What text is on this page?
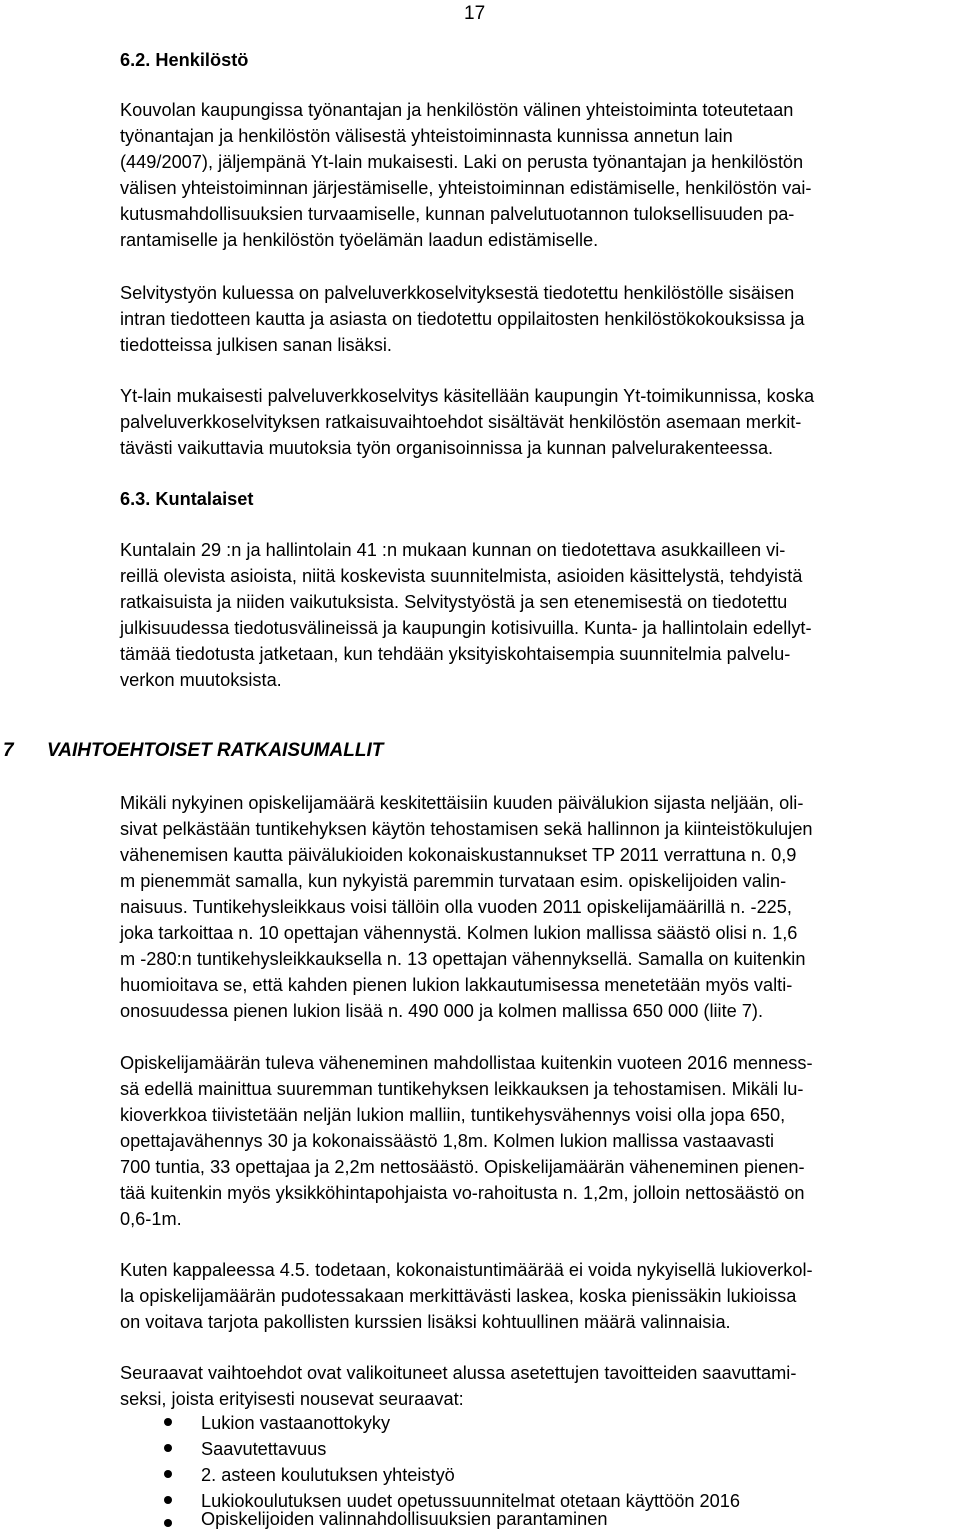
17
6.2. Henkilöstö
Kouvolan kaupungissa työnantajan ja henkilöstön välinen yhteistoiminta toteutetaan
työnantajan ja henkilöstön välisestä yhteistoiminnasta kunnissa annetun lain
(449/2007), jäljempänä Yt-lain mukaisesti. Laki on perusta työnantajan ja henkilöstön
välisen yhteistoiminnan järjestämiselle, yhteistoiminnan edistämiselle, henkilöstön vai-
kutusmahdollisuuksien turvaamiselle, kunnan palvelutuotannon tuloksellisuuden pa-
rantamiselle ja henkilöstön työelämän laadun edistämiselle.
Selvitystyön kuluessa on palveluverkkoselvityksestä tiedotettu henkilöstölle sisäisen
intran tiedotteen kautta ja asiasta on tiedotettu oppilaitosten henkilöstökokouksissa ja
tiedotteissa julkisen sanan lisäksi.
Yt-lain mukaisesti palveluverkkoselvitys käsitellään kaupungin Yt-toimikunnissa, koska
palveluverkkoselvityksen ratkaisuvaihtoehdot sisältävät henkilöstön asemaan merkit-
tävästi vaikuttavia muutoksia työn organisoinnissa ja kunnan palvelurakenteessa.
6.3. Kuntalaiset
Kuntalain 29 :n ja hallintolain 41 :n mukaan kunnan on tiedotettava asukkailleen vi-
reillä olevista asioista, niitä koskevista suunnitelmista, asioiden käsittelystä, tehdyistä
ratkaisuista ja niiden vaikutuksista. Selvitystyöstä ja sen etenemisestä on tiedotettu
julkisuudessa tiedotusvälineissä ja kaupungin kotisivuilla. Kunta- ja hallintolain edellyt-
tämää tiedotusta jatketaan, kun tehdään yksityiskohtaisempia suunnitelmia palvelu-
verkon muutoksista.
7 VAIHTOEHTOISET RATKAISUMALLIT
Mikäli nykyinen opiskelijamäärä keskitettäisiin kuuden päivälukion sijasta neljään, oli-
sivat pelkästään tuntikehyksen käytön tehostamisen sekä hallinnon ja kiinteistökulujen
vähenemisen kautta päivälukioiden kokonaiskustannukset TP 2011 verrattuna n. 0,9
m pienemmät samalla, kun nykyistä paremmin turvataan esim. opiskelijoiden valin-
naisuus. Tuntikehysleikkaus voisi tällöin olla vuoden 2011 opiskelijamäärillä n. -225,
joka tarkoittaa n. 10 opettajan vähennystä. Kolmen lukion mallissa säästö olisi n. 1,6
m -280:n tuntikehysleikkauksella n. 13 opettajan vähennyksellä. Samalla on kuitenkin
huomioitava se, että kahden pienen lukion lakkautumisessa menetetään myös valti-
onosuudessa pienen lukion lisää n. 490 000 ja kolmen mallissa 650 000 (liite 7).
Opiskelijamäärän tuleva väheneminen mahdollistaa kuitenkin vuoteen 2016 menness-
sä edellä mainittua suuremman tuntikehyksen leikkauksen ja tehostamisen. Mikäli lu-
kioverkkoa tiivistetään neljän lukion malliin, tuntikehysvähennys voisi olla jopa 650,
opettajavähennys 30 ja kokonaissäästö 1,8m. Kolmen lukion mallissa vastaavasti
700 tuntia, 33 opettajaa ja 2,2m nettosäästö. Opiskelijamäärän väheneminen pienen-
tää kuitenkin myös yksikköhintapohjaista vo-rahoitusta n. 1,2m, jolloin nettosäästö on
0,6-1m.
Kuten kappaleessa 4.5. todetaan, kokonaistuntimäärää ei voida nykyisellä lukioverkol-
la opiskelijamäärän pudotessakaan merkittävästi laskea, koska pienissäkin lukioissa
on voitava tarjota pakollisten kurssien lisäksi kohtuullinen määrä valinnaisia.
Seuraavat vaihtoehdot ovat valikoituneet alussa asetettujen tavoitteiden saavuttami-
seksi, joista erityisesti nousevat seuraavat:
Lukion vastaanottokyky
Saavutettavuus
2. asteen koulutuksen yhteistyö
Lukiokoulutuksen uudet opetussuunnitelmat otetaan käyttöön 2016
Opiskelijoiden valinnahdollisuuksien parantaminen
